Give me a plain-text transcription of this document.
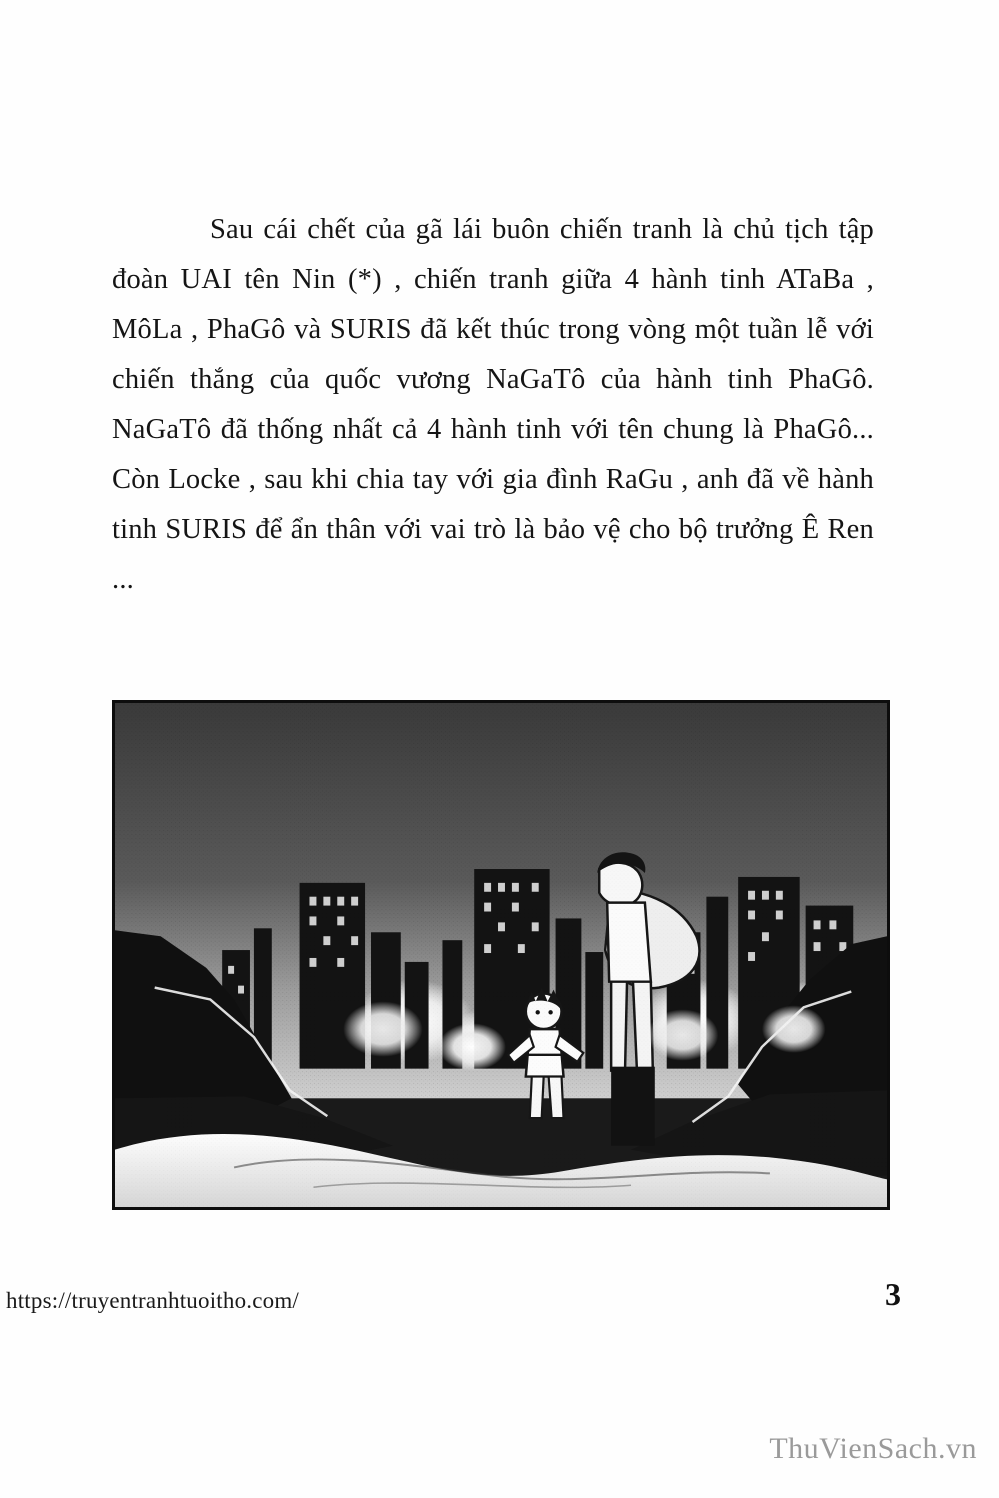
Sau cái chết của gã lái buôn chiến tranh là chủ tịch tập đoàn UAI tên Nin (*) , chiến tranh giữa 4 hành tinh ATaBa , MôLa , PhaGô và SURIS đã kết thúc trong vòng một tuần lễ với chiến thắng của quốc vương NaGaTô của hành tinh PhaGô. NaGaTô đã thống nhất cả 4 hành tinh với tên chung là PhaGô... Còn Locke , sau khi chia tay với gia đình RaGu , anh đã về hành tinh SURIS để ẩn thân với vai trò là bảo vệ cho bộ trưởng Ê Ren ...

https://truyentranhtuoitho.com/	3
ThuVienSach.vn
